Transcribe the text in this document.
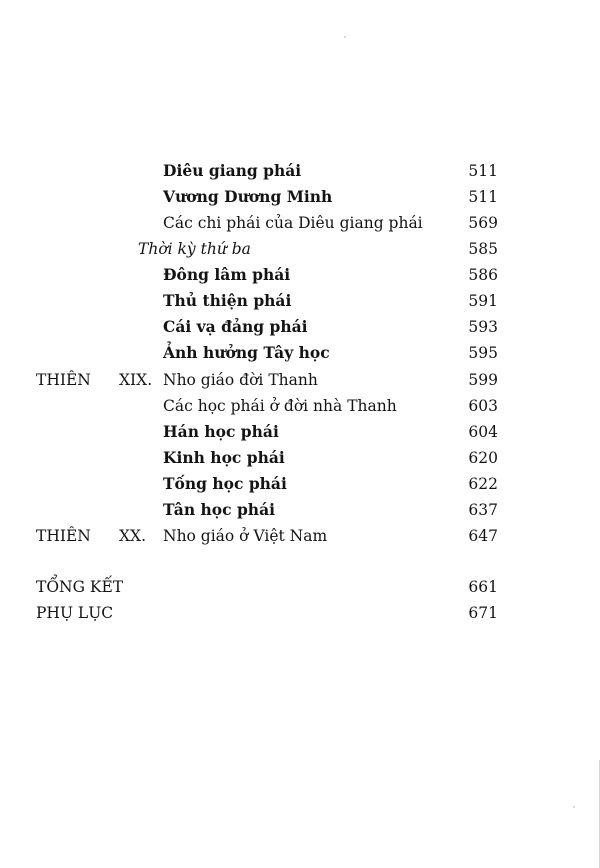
Diêu giang phái	511
Vương Dương Minh	511
Các chi phái của Diêu giang phái	569
Thời kỳ thứ ba	585
Đông lâm phái	586
Thủ thiện phái	591
Cái vạ đảng phái	593
Ảnh hưởng Tây học	595
THIÊN XIX. Nho giáo đời Thanh	599
Các học phái ở đời nhà Thanh	603
Hán học phái	604
Kinh học phái	620
Tống học phái	622
Tân học phái	637
THIÊN XX. Nho giáo ở Việt Nam	647
TỔNG KẾT	661
PHỤ LỤC	671
